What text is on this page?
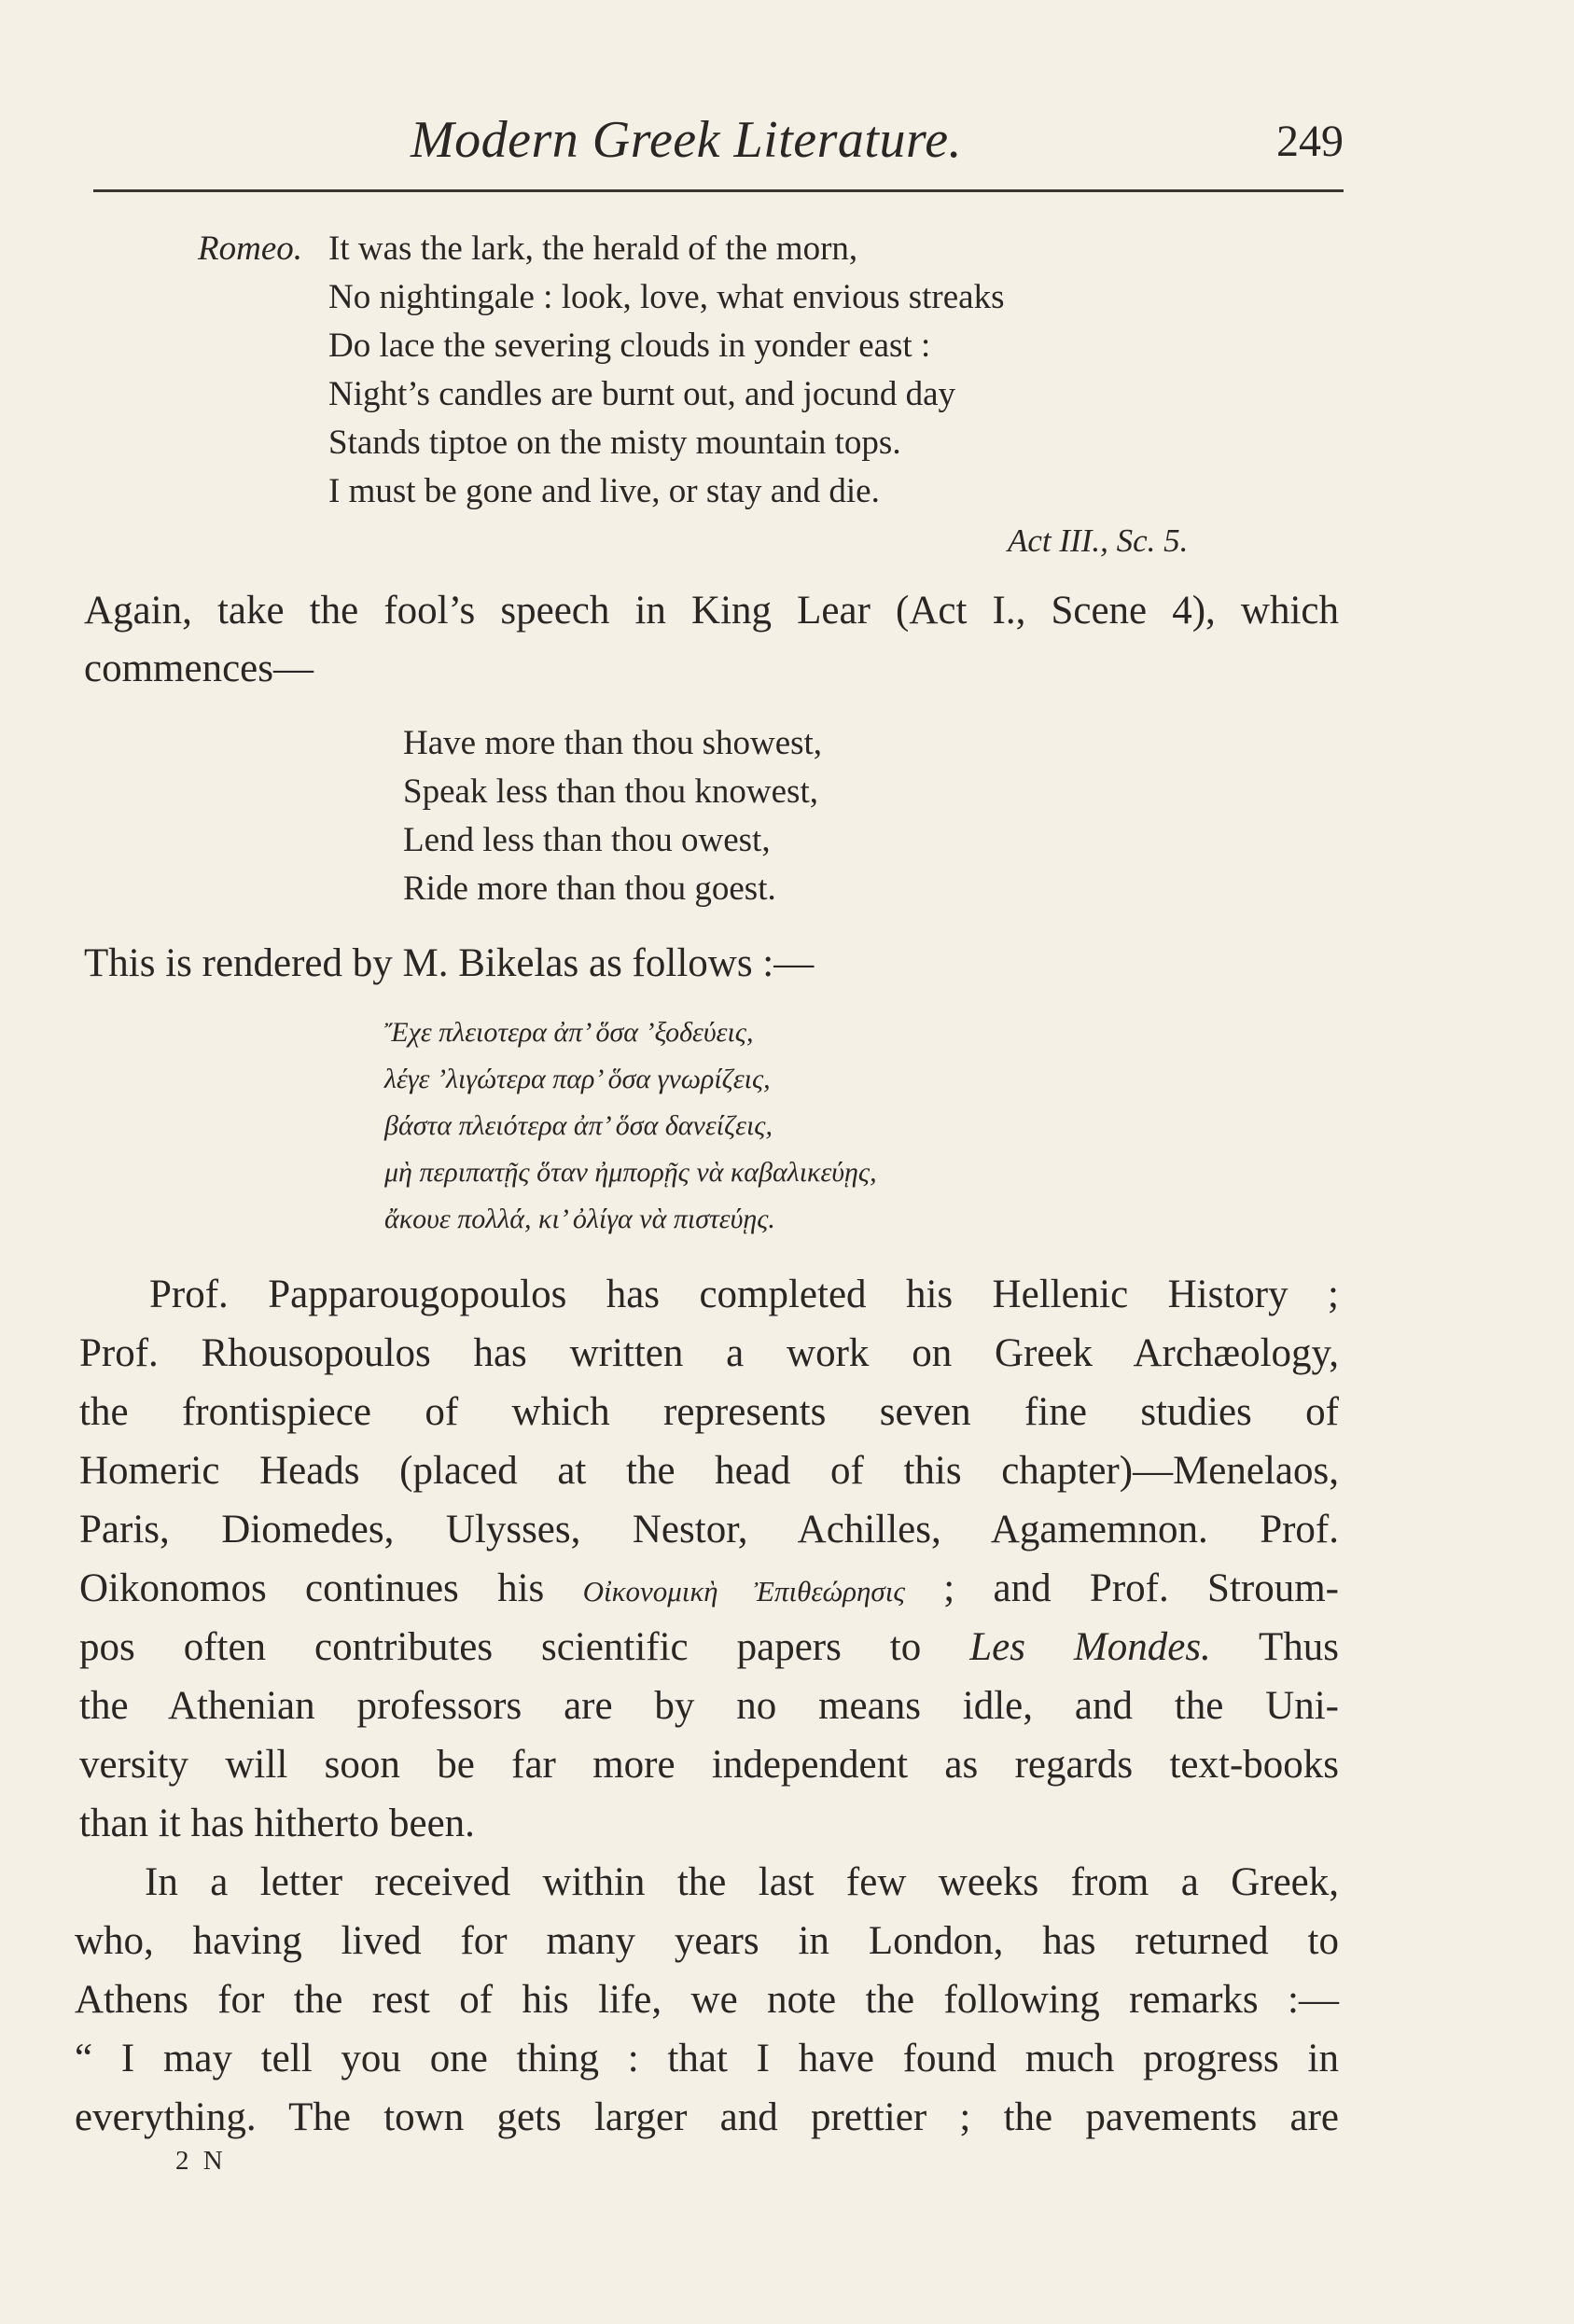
Modern Greek Literature.	249
Romeo. It was the lark, the herald of the morn,
No nightingale : look, love, what envious streaks
Do lace the severing clouds in yonder east :
Night’s candles are burnt out, and jocund day
Stands tiptoe on the misty mountain tops.
I must be gone and live, or stay and die.
Act III., Sc. 5.
Again, take the fool’s speech in King Lear (Act I., Scene 4), which
commences—
Have more than thou showest,
Speak less than thou knowest,
Lend less than thou owest,
Ride more than thou goest.
This is rendered by M. Bikelas as follows :—
Ἔχε πλειοτερα ἀπ’ ὅσα ’ξοδεύεις,
λέγε ’λιγώτερα παρ’ ὅσα γνωρίζεις,
βάστα πλειότερα ἀπ’ ὅσα δανείζεις,
μὴ περιπατῇς ὅταν ἠμπορῇς νὰ καβαλικεύῃς,
ἄκουε πολλά, κι’ ὀλίγα νὰ πιστεύῃς.
Prof. Papparougopoulos has completed his Hellenic History ;
Prof. Rhousopoulos has written a work on Greek Archæology,
the frontispiece of which represents seven fine studies of
Homeric Heads (placed at the head of this chapter)—Menelaos,
Paris, Diomedes, Ulysses, Nestor, Achilles, Agamemnon. Prof.
Oikonomos continues his Οἰκονομικὴ Ἐπιθεώρησις ; and Prof. Stroum-
pos often contributes scientific papers to Les Mondes. Thus
the Athenian professors are by no means idle, and the Uni-
versity will soon be far more independent as regards text-books
than it has hitherto been.
In a letter received within the last few weeks from a Greek,
who, having lived for many years in London, has returned to
Athens for the rest of his life, we note the following remarks :—
“ I may tell you one thing : that I have found much progress in
everything. The town gets larger and prettier ; the pavements are
2 N
